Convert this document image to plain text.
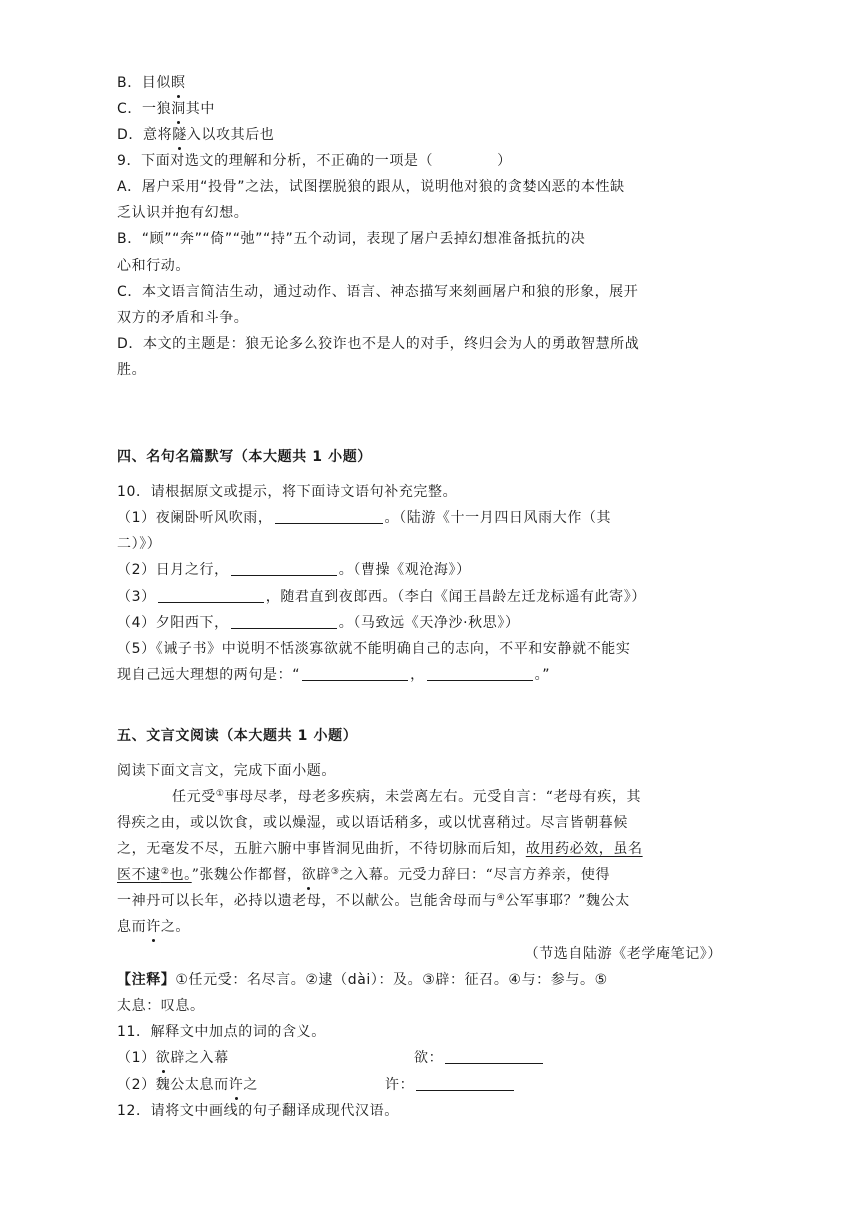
B．目似瞑
C．一狼洞其中
D．意将隧入以攻其后也
9．下面对选文的理解和分析，不正确的一项是（	）
A．屠户采用“投骨”之法，试图摆脱狼的跟从，说明他对狼的贪婪凶恶的本性缺
乏认识并抱有幻想。
B．“顾”“奔”“倚”“弛”“持”五个动词，表现了屠户丢掉幻想准备抵抗的决
心和行动。
C．本文语言简洁生动，通过动作、语言、神态描写来刻画屠户和狼的形象，展开
双方的矛盾和斗争。
D．本文的主题是：狼无论多么狡诈也不是人的对手，终归会为人的勇敢智慧所战
胜。
四、名句名篇默写（本大题共 1 小题）
10．请根据原文或提示，将下面诗文语句补充完整。
（1）夜阑卧听风吹雨，	。（陆游《十一月四日风雨大作（其
二）》）
（2）日月之行，	。（曹操《观沧海》）
（3）	，随君直到夜郎西。（李白《闻王昌龄左迁龙标遥有此寄》）
（4）夕阳西下，	。（马致远《天净沙·秋思》）
（5）《诫子书》中说明不恬淡寡欲就不能明确自己的志向，不平和安静就不能实
现自己远大理想的两句是：“	，	。”
五、文言文阅读（本大题共 1 小题）
阅读下面文言文，完成下面小题。
任元受①事母尽孝，母老多疾病，未尝离左右。元受自言：“老母有疾，其
得疾之由，或以饮食，或以燥湿，或以语话稍多，或以忧喜稍过。尽言皆朝暮候
之，无毫发不尽，五脏六腑中事皆洞见曲折，不待切脉而后知，故用药必效，虽名
医不逮②也。”张魏公作都督，欲辟③之入幕。元受力辞曰：“尽言方养亲，使得
一神丹可以长年，必持以遗老母，不以献公。岂能舍母而与④公军事耶？”魏公太
息而许之。
（节选自陆游《老学庵笔记》）
【注释】①任元受：名尽言。②逮（dài）：及。③辟：征召。④与：参与。⑤
太息：叹息。
11．解释文中加点的词的含义。
（1）欲辟之入幕	欲：
（2）魏公太息而许之	许：
12．请将文中画线的句子翻译成现代汉语。
